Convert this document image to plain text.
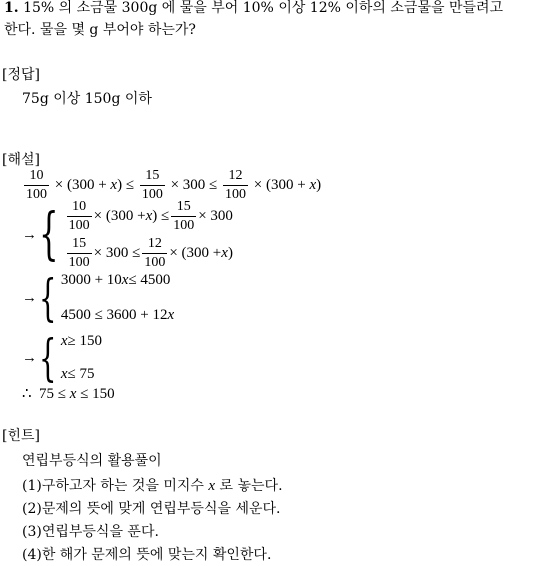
1. 15% 의 소금물 300g 에 물을 부어 10% 이상 12% 이하의 소금물을 만들려고
한다. 물을 몇 g 부어야 하는가?
[정답]
75g 이상 150g 이하
[해설]
$\frac{10}{100} \times (300 + x) \le \frac{15}{100} \times 300 \le \frac{12}{100} \times (300 + x)$
→ { $\frac{10}{100} \times (300 + x$ ) ≤ $\frac{15}{100} \times 300$
$\frac{15}{100} \times 300 \le \frac{12}{100} \times (300 + x$ )
→ { 3000 + 10 x ≤ 4500
4500 ≤ 3600 + 12 x
→ { x ≥ 150
x ≤ 75
∴ 75 ≤ x ≤ 150
[힌트]
연립부등식의 활용풀이
(1)구하고자 하는 것을 미지수 x 로 놓는다.
(2)문제의 뜻에 맞게 연립부등식을 세운다.
(3)연립부등식을 푼다.
(4)한 해가 문제의 뜻에 맞는지 확인한다.
